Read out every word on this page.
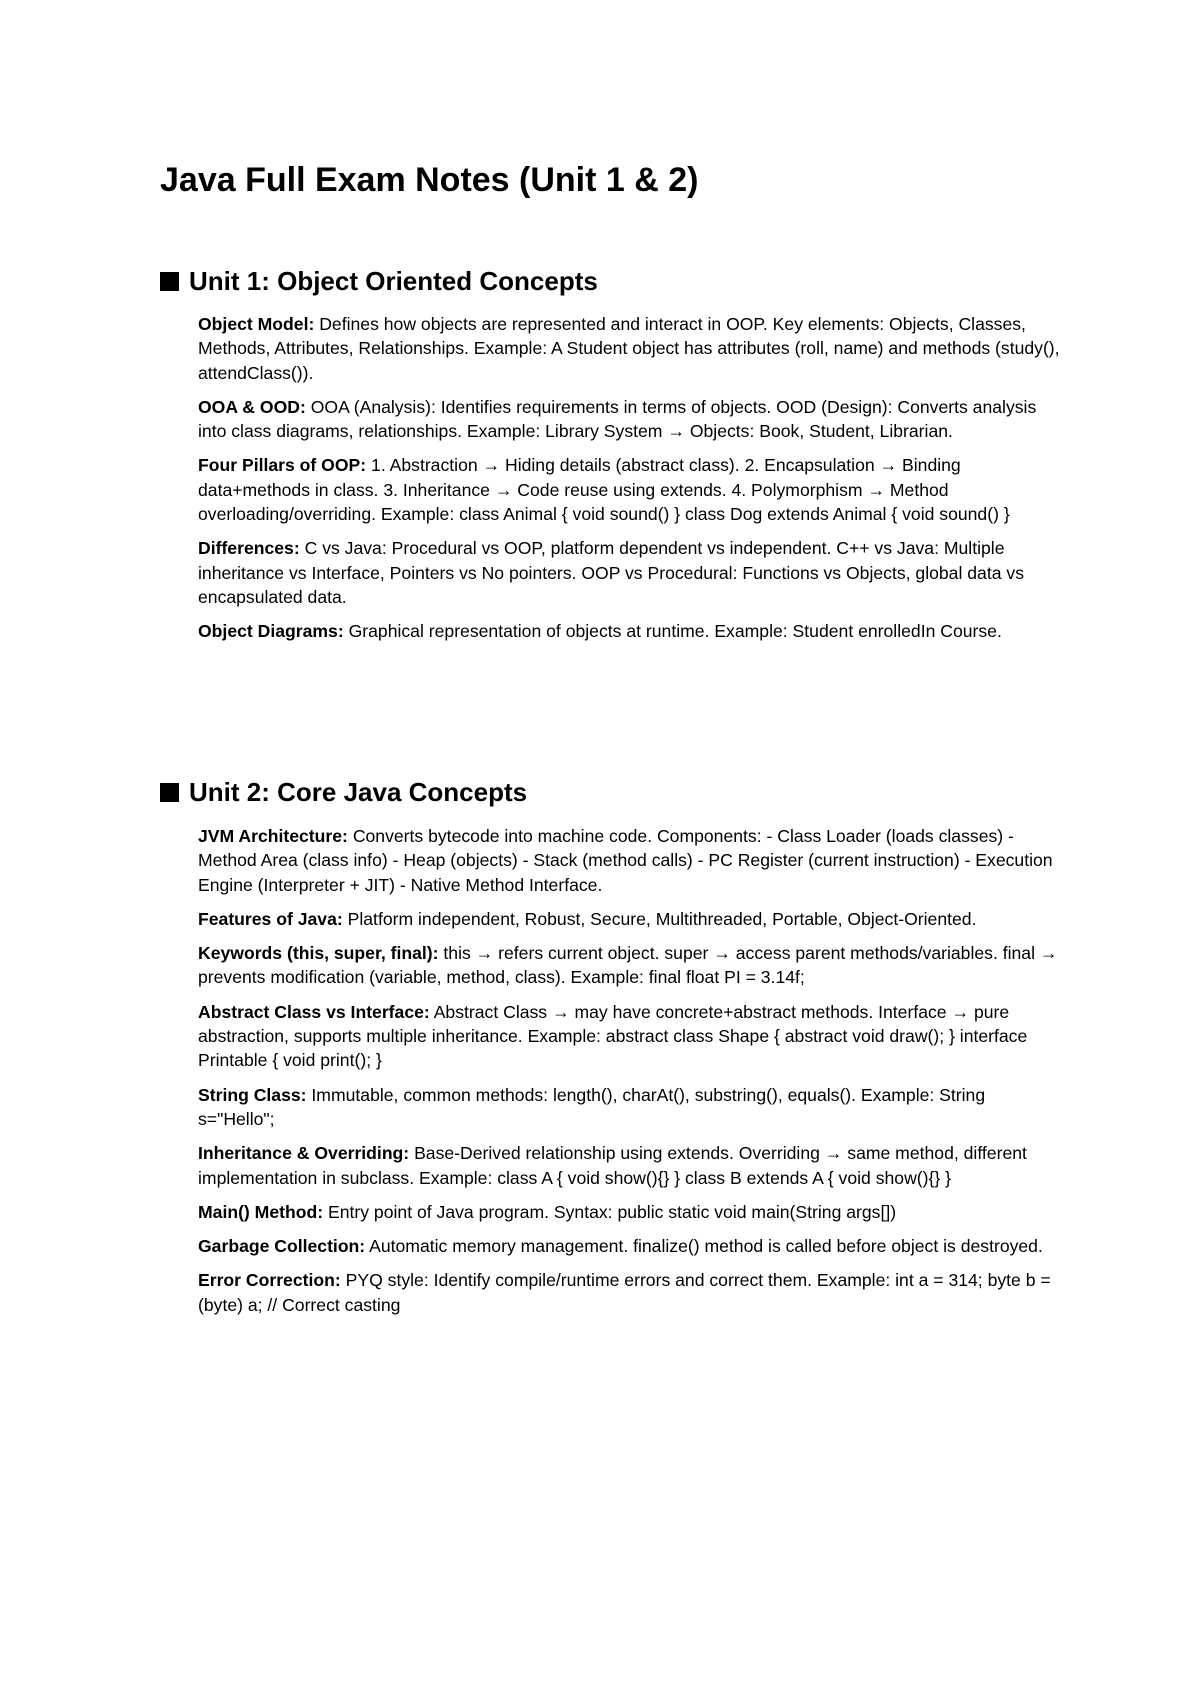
Java Full Exam Notes (Unit 1 & 2)
Unit 1: Object Oriented Concepts

Object Model: Defines how objects are represented and interact in OOP. Key elements: Objects, Classes, Methods, Attributes, Relationships. Example: A Student object has attributes (roll, name) and methods (study(), attendClass()).

OOA & OOD: OOA (Analysis): Identifies requirements in terms of objects. OOD (Design): Converts analysis into class diagrams, relationships. Example: Library System → Objects: Book, Student, Librarian.

Four Pillars of OOP: 1. Abstraction → Hiding details (abstract class). 2. Encapsulation → Binding data+methods in class. 3. Inheritance → Code reuse using extends. 4. Polymorphism → Method overloading/overriding. Example: class Animal { void sound() } class Dog extends Animal { void sound() }

Differences: C vs Java: Procedural vs OOP, platform dependent vs independent. C++ vs Java: Multiple inheritance vs Interface, Pointers vs No pointers. OOP vs Procedural: Functions vs Objects, global data vs encapsulated data.

Object Diagrams: Graphical representation of objects at runtime. Example: Student enrolledIn Course.

Unit 2: Core Java Concepts

JVM Architecture: Converts bytecode into machine code. Components: - Class Loader (loads classes) - Method Area (class info) - Heap (objects) - Stack (method calls) - PC Register (current instruction) - Execution Engine (Interpreter + JIT) - Native Method Interface.

Features of Java: Platform independent, Robust, Secure, Multithreaded, Portable, Object-Oriented.

Keywords (this, super, final): this → refers current object. super → access parent methods/variables. final → prevents modification (variable, method, class). Example: final float PI = 3.14f;

Abstract Class vs Interface: Abstract Class → may have concrete+abstract methods. Interface → pure abstraction, supports multiple inheritance. Example: abstract class Shape { abstract void draw(); } interface Printable { void print(); }

String Class: Immutable, common methods: length(), charAt(), substring(), equals(). Example: String s="Hello";

Inheritance & Overriding: Base-Derived relationship using extends. Overriding → same method, different implementation in subclass. Example: class A { void show(){} } class B extends A { void show(){} }

Main() Method: Entry point of Java program. Syntax: public static void main(String args[])

Garbage Collection: Automatic memory management. finalize() method is called before object is destroyed.

Error Correction: PYQ style: Identify compile/runtime errors and correct them. Example: int a = 314; byte b = (byte) a; // Correct casting
